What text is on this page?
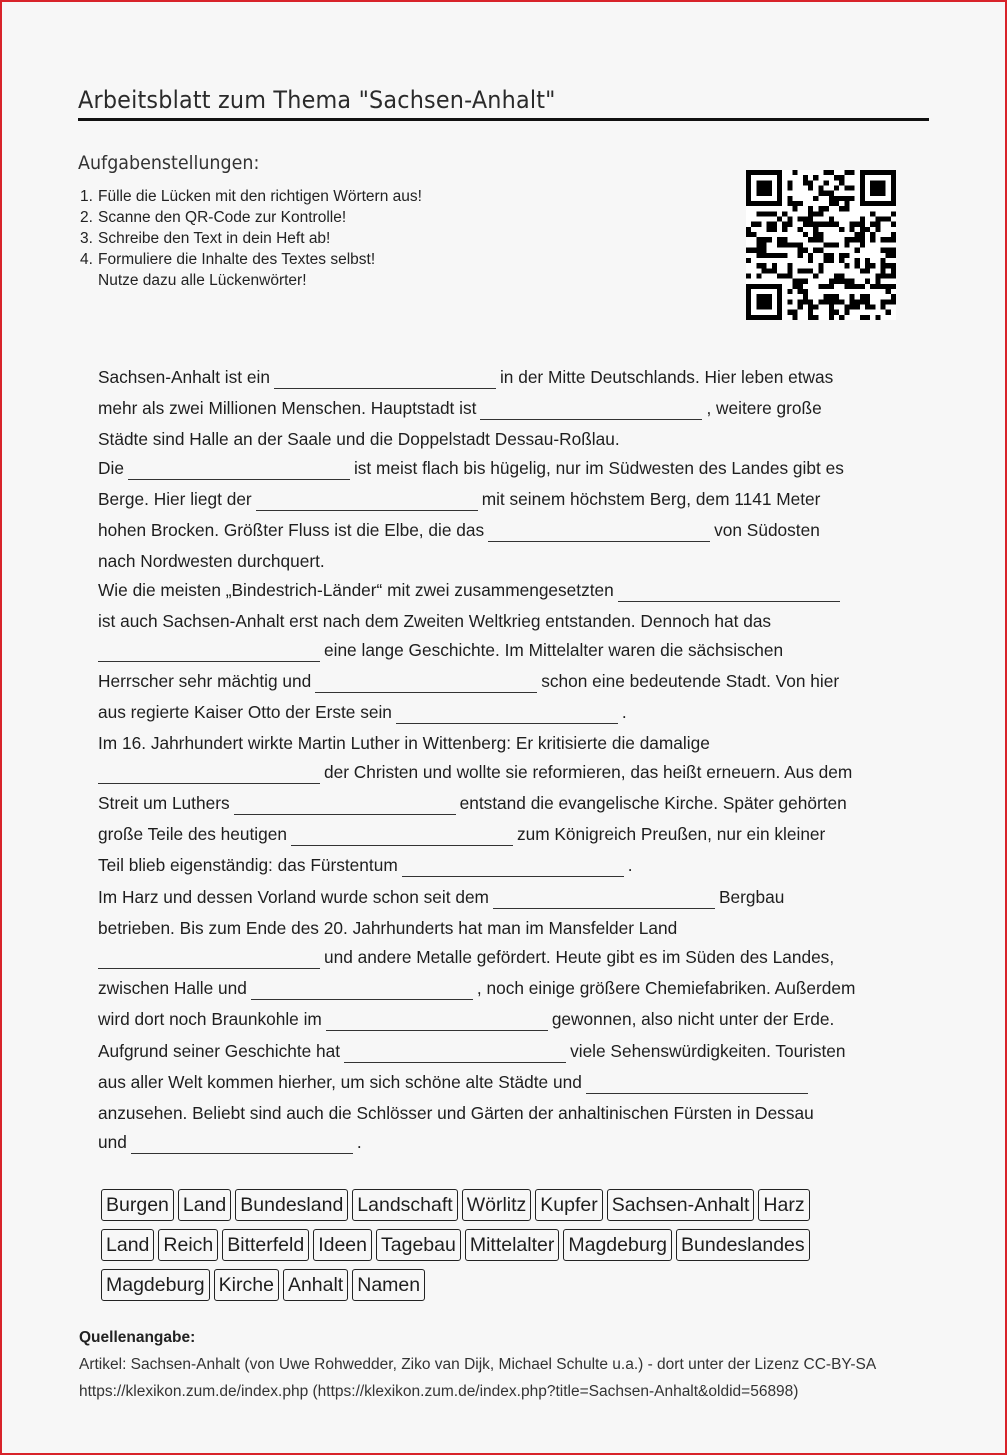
Arbeitsblatt zum Thema "Sachsen-Anhalt"
Aufgabenstellungen:
1. Fülle die Lücken mit den richtigen Wörtern aus!
2. Scanne den QR-Code zur Kontrolle!
3. Schreibe den Text in dein Heft ab!
4. Formuliere die Inhalte des Textes selbst!
Nutze dazu alle Lückenwörter!
Sachsen-Anhalt ist ein	in der Mitte Deutschlands. Hier leben etwas
mehr als zwei Millionen Menschen. Hauptstadt ist	, weitere große
Städte sind Halle an der Saale und die Doppelstadt Dessau-Roßlau.
Die	ist meist flach bis hügelig, nur im Südwesten des Landes gibt es
Berge. Hier liegt der	mit seinem höchstem Berg, dem 1141 Meter
hohen Brocken. Größter Fluss ist die Elbe, die das	von Südosten
nach Nordwesten durchquert.
Wie die meisten „Bindestrich-Länder“ mit zwei zusammengesetzten
ist auch Sachsen-Anhalt erst nach dem Zweiten Weltkrieg entstanden. Dennoch hat das
eine lange Geschichte. Im Mittelalter waren die sächsischen
Herrscher sehr mächtig und	schon eine bedeutende Stadt. Von hier
aus regierte Kaiser Otto der Erste sein	.
Im 16. Jahrhundert wirkte Martin Luther in Wittenberg: Er kritisierte die damalige
der Christen und wollte sie reformieren, das heißt erneuern. Aus dem
Streit um Luthers	entstand die evangelische Kirche. Später gehörten
große Teile des heutigen	zum Königreich Preußen, nur ein kleiner
Teil blieb eigenständig: das Fürstentum	.
Im Harz und dessen Vorland wurde schon seit dem	Bergbau
betrieben. Bis zum Ende des 20. Jahrhunderts hat man im Mansfelder Land
und andere Metalle gefördert. Heute gibt es im Süden des Landes,
zwischen Halle und	, noch einige größere Chemiefabriken. Außerdem
wird dort noch Braunkohle im	gewonnen, also nicht unter der Erde.
Aufgrund seiner Geschichte hat	viele Sehenswürdigkeiten. Touristen
aus aller Welt kommen hierher, um sich schöne alte Städte und
anzusehen. Beliebt sind auch die Schlösser und Gärten der anhaltinischen Fürsten in Dessau
und	.
Burgen Land Bundesland Landschaft Wörlitz Kupfer Sachsen-Anhalt Harz
Land Reich Bitterfeld Ideen Tagebau Mittelalter Magdeburg Bundeslandes
Magdeburg Kirche Anhalt Namen
Quellenangabe:
Artikel: Sachsen-Anhalt (von Uwe Rohwedder, Ziko van Dijk, Michael Schulte u.a.) - dort unter der Lizenz CC-BY-SA
https://klexikon.zum.de/index.php (https://klexikon.zum.de/index.php?title=Sachsen-Anhalt&oldid=56898)
